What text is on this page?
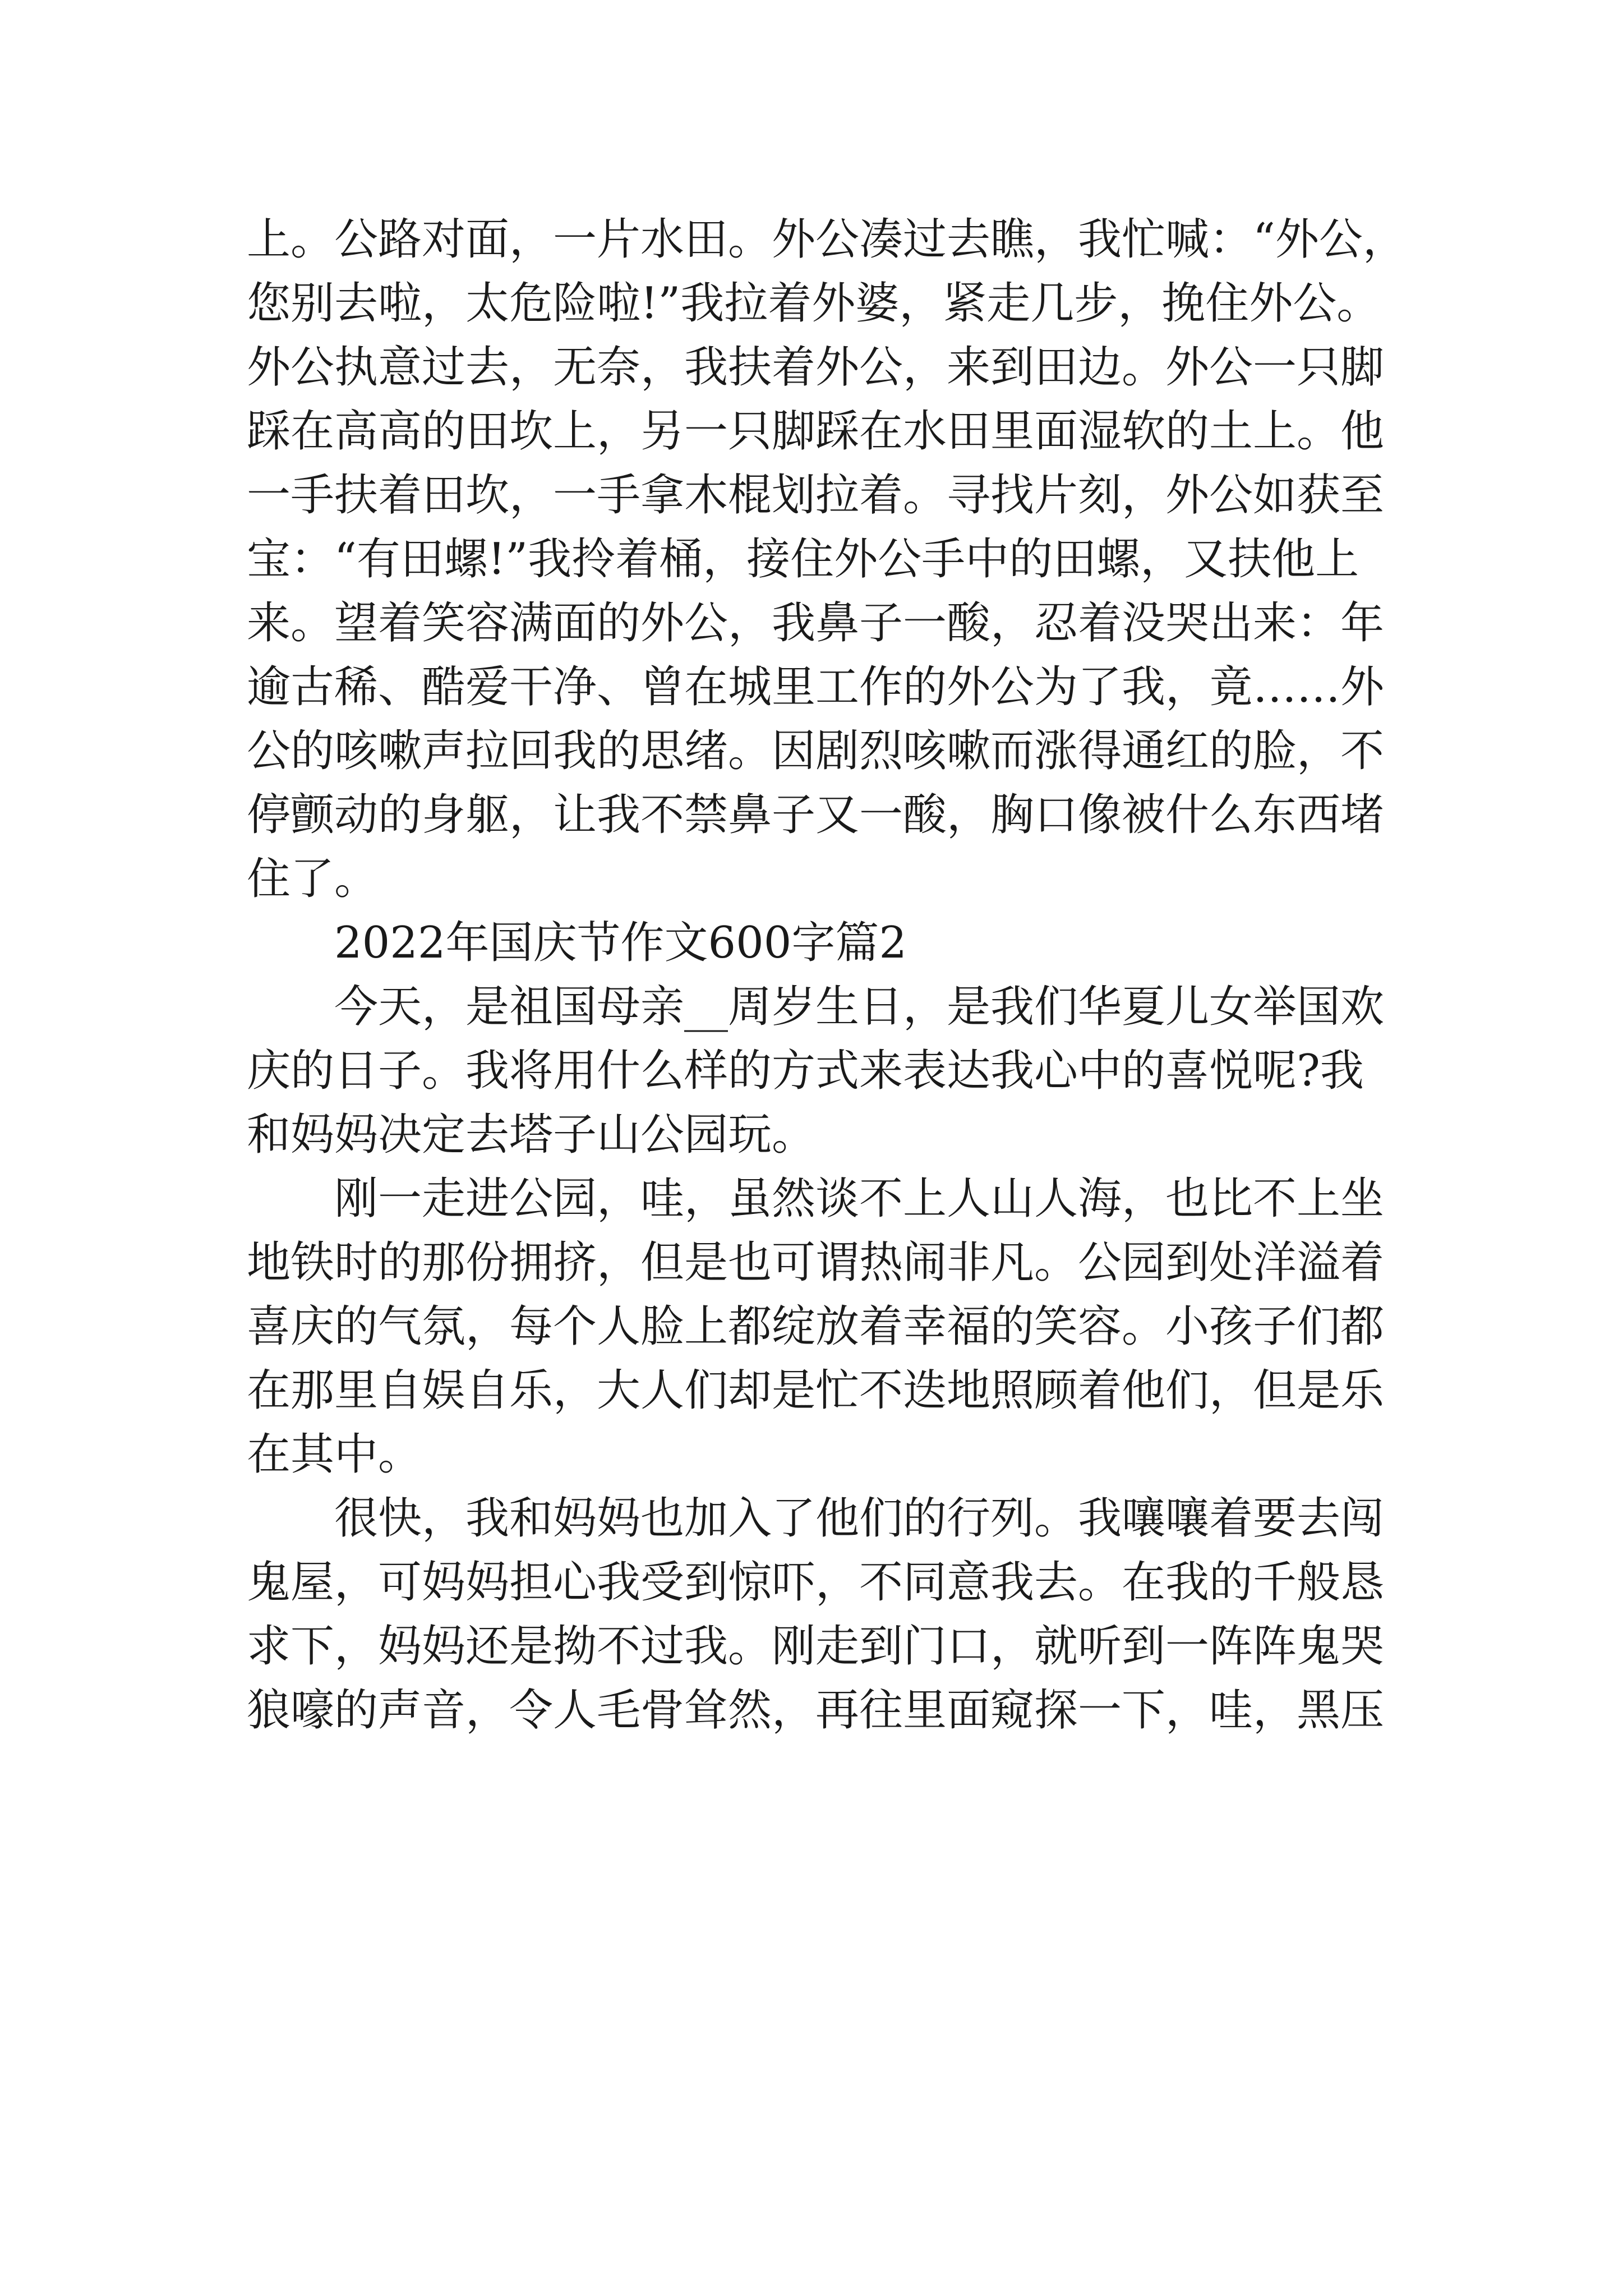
上。公路对面，一片水田。外公凑过去瞧，我忙喊：“外公，
您别去啦，太危险啦!”我拉着外婆，紧走几步，挽住外公。
外公执意过去，无奈，我扶着外公，来到田边。外公一只脚
踩在高高的田坎上，另一只脚踩在水田里面湿软的土上。他
一手扶着田坎，一手拿木棍划拉着。寻找片刻，外公如获至
宝：“有田螺!”我拎着桶，接住外公手中的田螺，又扶他上
来。望着笑容满面的外公，我鼻子一酸，忍着没哭出来：年
逾古稀、酷爱干净、曾在城里工作的外公为了我，竟……外
公的咳嗽声拉回我的思绪。因剧烈咳嗽而涨得通红的脸，不
停颤动的身躯，让我不禁鼻子又一酸，胸口像被什么东西堵
住了。
2022年国庆节作文600字篇2
今天，是祖国母亲__周岁生日，是我们华夏儿女举国欢
庆的日子。我将用什么样的方式来表达我心中的喜悦呢?我
和妈妈决定去塔子山公园玩。
刚一走进公园，哇，虽然谈不上人山人海，也比不上坐
地铁时的那份拥挤，但是也可谓热闹非凡。公园到处洋溢着
喜庆的气氛，每个人脸上都绽放着幸福的笑容。小孩子们都
在那里自娱自乐，大人们却是忙不迭地照顾着他们，但是乐
在其中。
很快，我和妈妈也加入了他们的行列。我嚷嚷着要去闯
鬼屋，可妈妈担心我受到惊吓，不同意我去。在我的千般恳
求下，妈妈还是拗不过我。刚走到门口，就听到一阵阵鬼哭
狼嚎的声音，令人毛骨耸然，再往里面窥探一下，哇，黑压
